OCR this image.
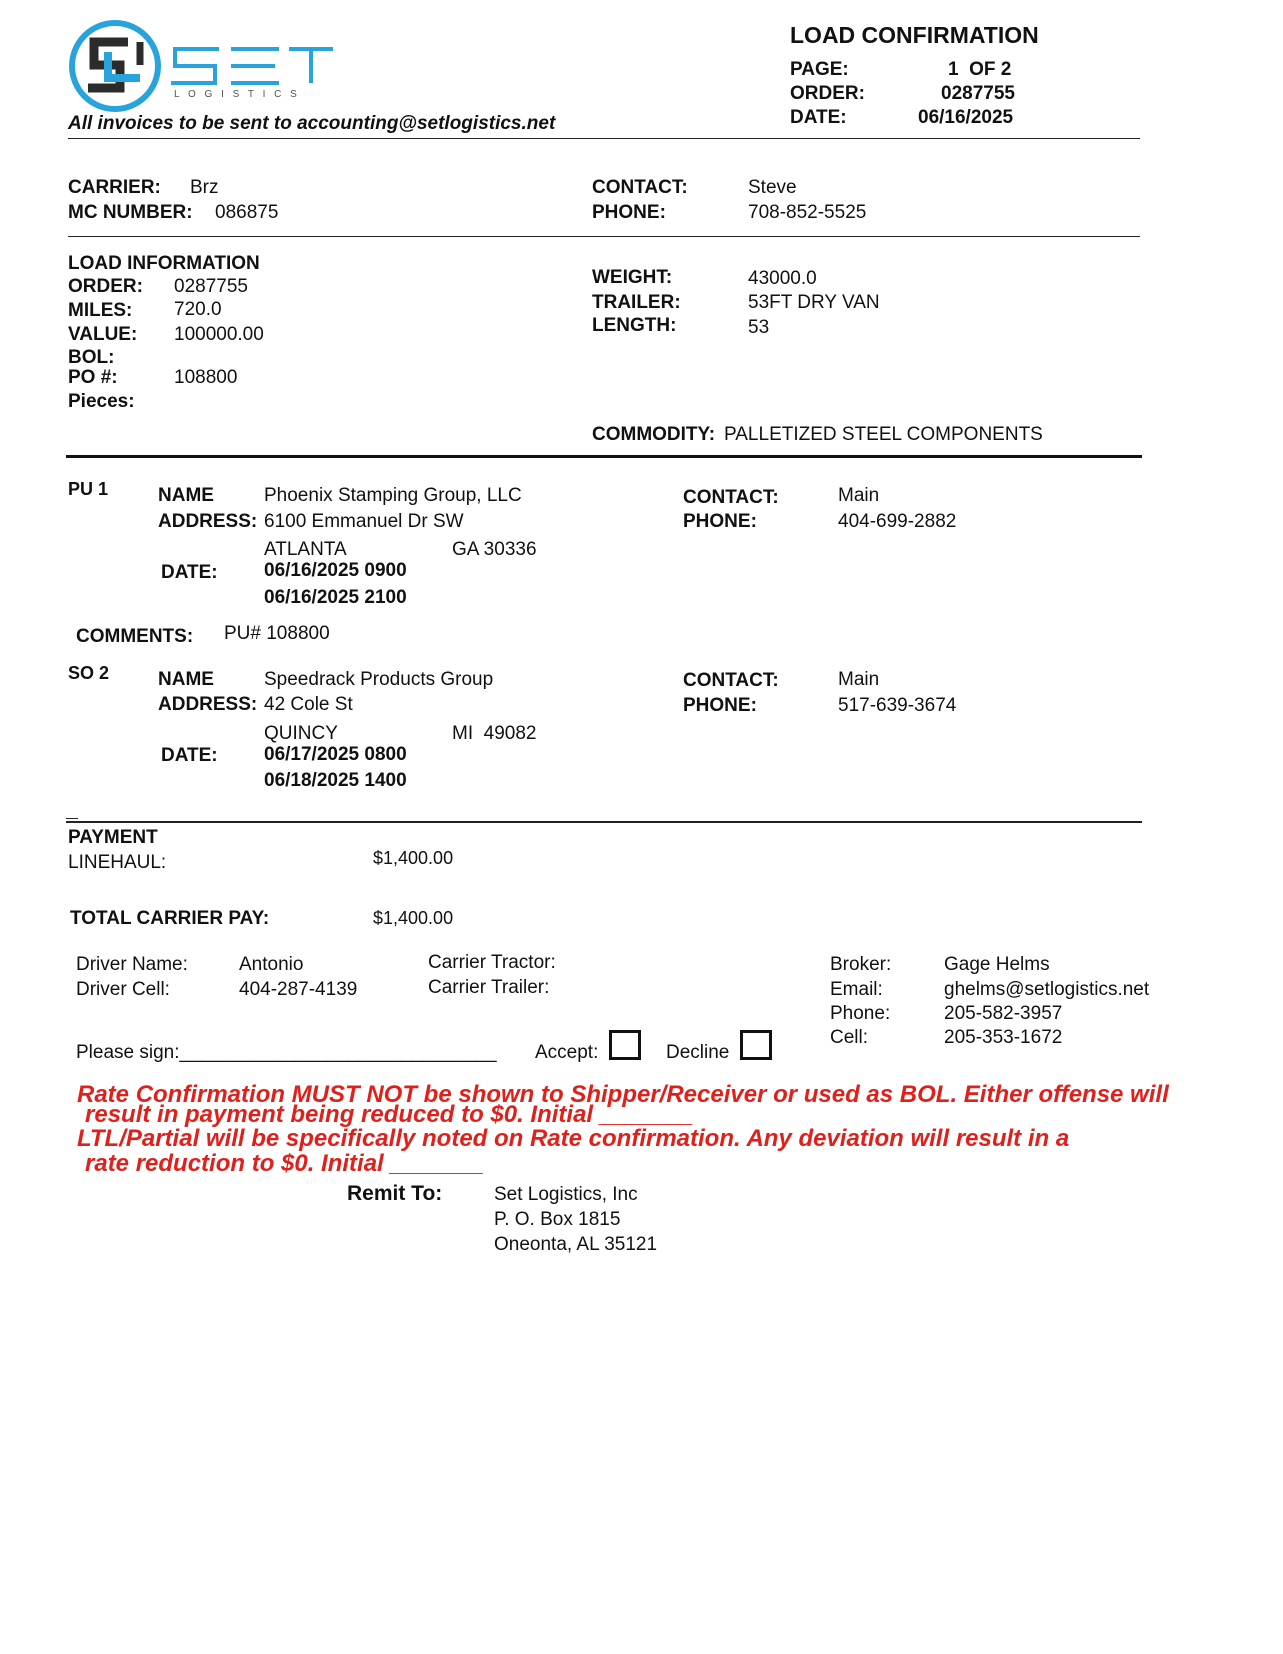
L O G I S T I C S
All invoices to be sent to accounting@setlogistics.net
LOAD CONFIRMATION
PAGE:	1  OF 2
ORDER:	0287755
DATE:	06/16/2025
CARRIER: Brz
MC NUMBER: 086875
CONTACT:	Steve
PHONE:	708-852-5525
LOAD INFORMATION
ORDER: 0287755
MILES: 720.0
VALUE: 100000.00
BOL:
PO #:	108800
Pieces:
WEIGHT:	43000.0
TRAILER:	53FT DRY VAN
LENGTH:	53
COMMODITY: PALLETIZED STEEL COMPONENTS
PU 1	NAME	Phoenix Stamping Group, LLC
ADDRESS: 6100 Emmanuel Dr SW
ATLANTA	GA 30336
DATE: 06/16/2025 0900
06/16/2025 2100
CONTACT:	Main
PHONE:	404-699-2882
COMMENTS: PU# 108800
SO 2	NAME	Speedrack Products Group
ADDRESS: 42 Cole St
QUINCY	MI  49082
DATE: 06/17/2025 0800
06/18/2025 1400
CONTACT:	Main
PHONE:	517-639-3674
PAYMENT
LINEHAUL:	$1,400.00
TOTAL CARRIER PAY:	$1,400.00
Driver Name:	Antonio
Driver Cell:	404-287-4139
Carrier Tractor:
Carrier Trailer:
Broker:	Gage Helms
Email:	ghelms@setlogistics.net
Phone:	205-582-3957
Cell:	205-353-1672
Please sign:______________________________ Accept:	Decline
Rate Confirmation MUST NOT be shown to Shipper/Receiver or used as BOL. Either offense will
result in payment being reduced to $0. Initial _______
LTL/Partial will be specifically noted on Rate confirmation. Any deviation will result in a
rate reduction to $0. Initial _______
Remit To:	Set Logistics, Inc
P. O. Box 1815
Oneonta, AL 35121
